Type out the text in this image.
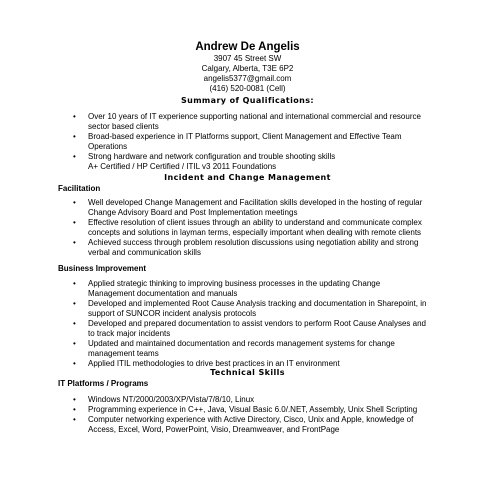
Andrew De Angelis
3907 45 Street SW
Calgary, Alberta, T3E 6P2
angelis5377@gmail.com
(416) 520-0081 (Cell)
Summary of Qualifications:
• Over 10 years of IT experience supporting national and international commercial and resource sector based clients
• Broad-based experience in IT Platforms support, Client Management and Effective Team Operations
• Strong hardware and network configuration and trouble shooting skills
A+ Certified / HP Certified / ITIL v3 2011 Foundations
Incident and Change Management
Facilitation
• Well developed Change Management and Facilitation skills developed in the hosting of regular Change Advisory Board and Post Implementation meetings
• Effective resolution of client issues through an ability to understand and communicate complex concepts and solutions in layman terms, especially important when dealing with remote clients
• Achieved success through problem resolution discussions using negotiation ability and strong verbal and communication skills
Business Improvement
• Applied strategic thinking to improving business processes in the updating Change Management documentation and manuals
• Developed and implemented Root Cause Analysis tracking and documentation in Sharepoint, in support of SUNCOR incident analysis protocols
• Developed and prepared documentation to assist vendors to perform Root Cause Analyses and to track major incidents
• Updated and maintained documentation and records management systems for change management teams
• Applied ITIL methodologies to drive best practices in an IT environment
Technical Skills
IT Platforms / Programs
• Windows NT/2000/2003/XP/Vista/7/8/10, Linux
• Programming experience in C++, Java, Visual Basic 6.0/.NET, Assembly, Unix Shell Scripting
• Computer networking experience with Active Directory, Cisco, Unix and Apple, knowledge of Access, Excel, Word, PowerPoint, Visio, Dreamweaver, and FrontPage
